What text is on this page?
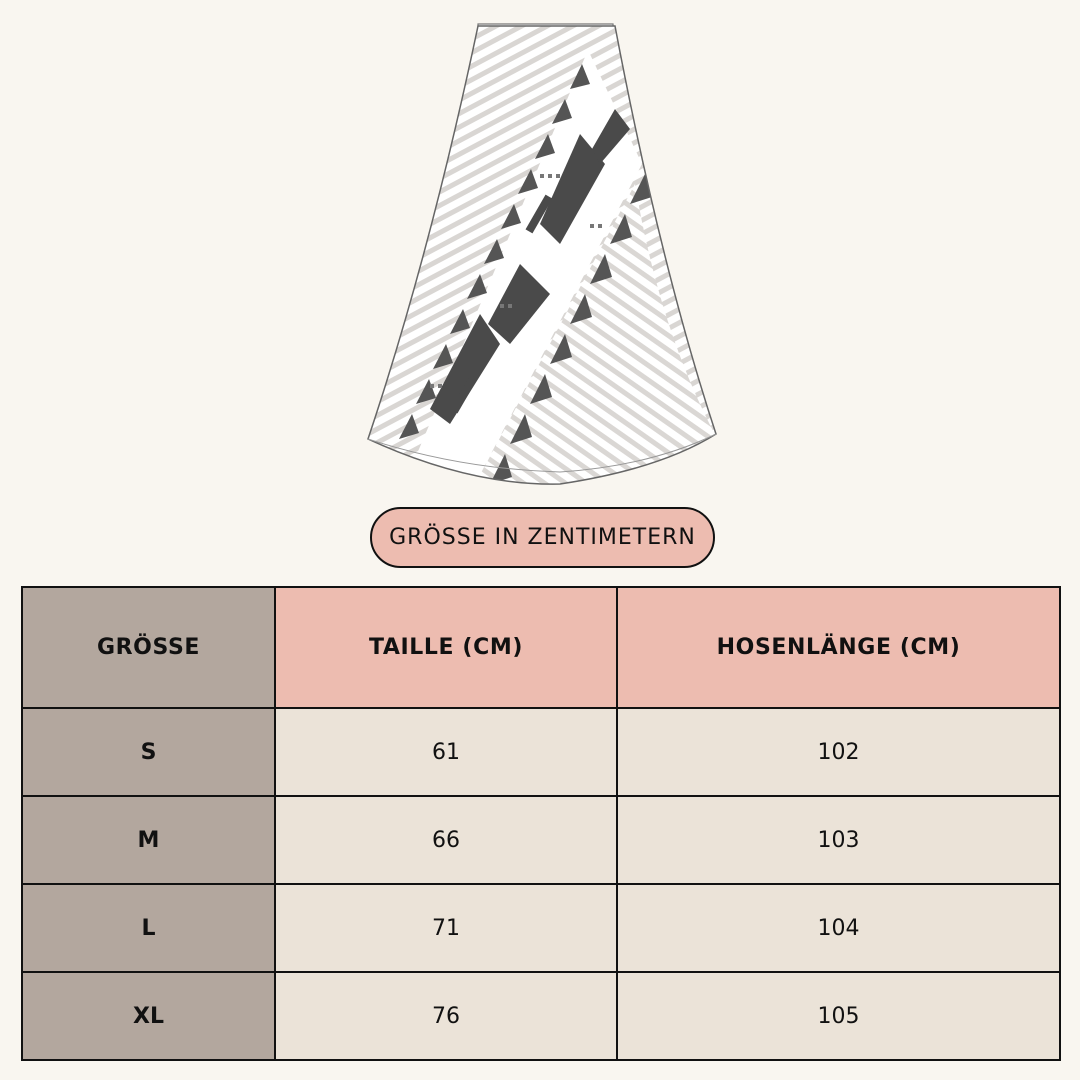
GRÖSSE IN ZENTIMETERN
GRÖSSE	TAILLE (CM)	HOSENLÄNGE (CM)
S	61	102
M	66	103
L	71	104
XL	76	105
